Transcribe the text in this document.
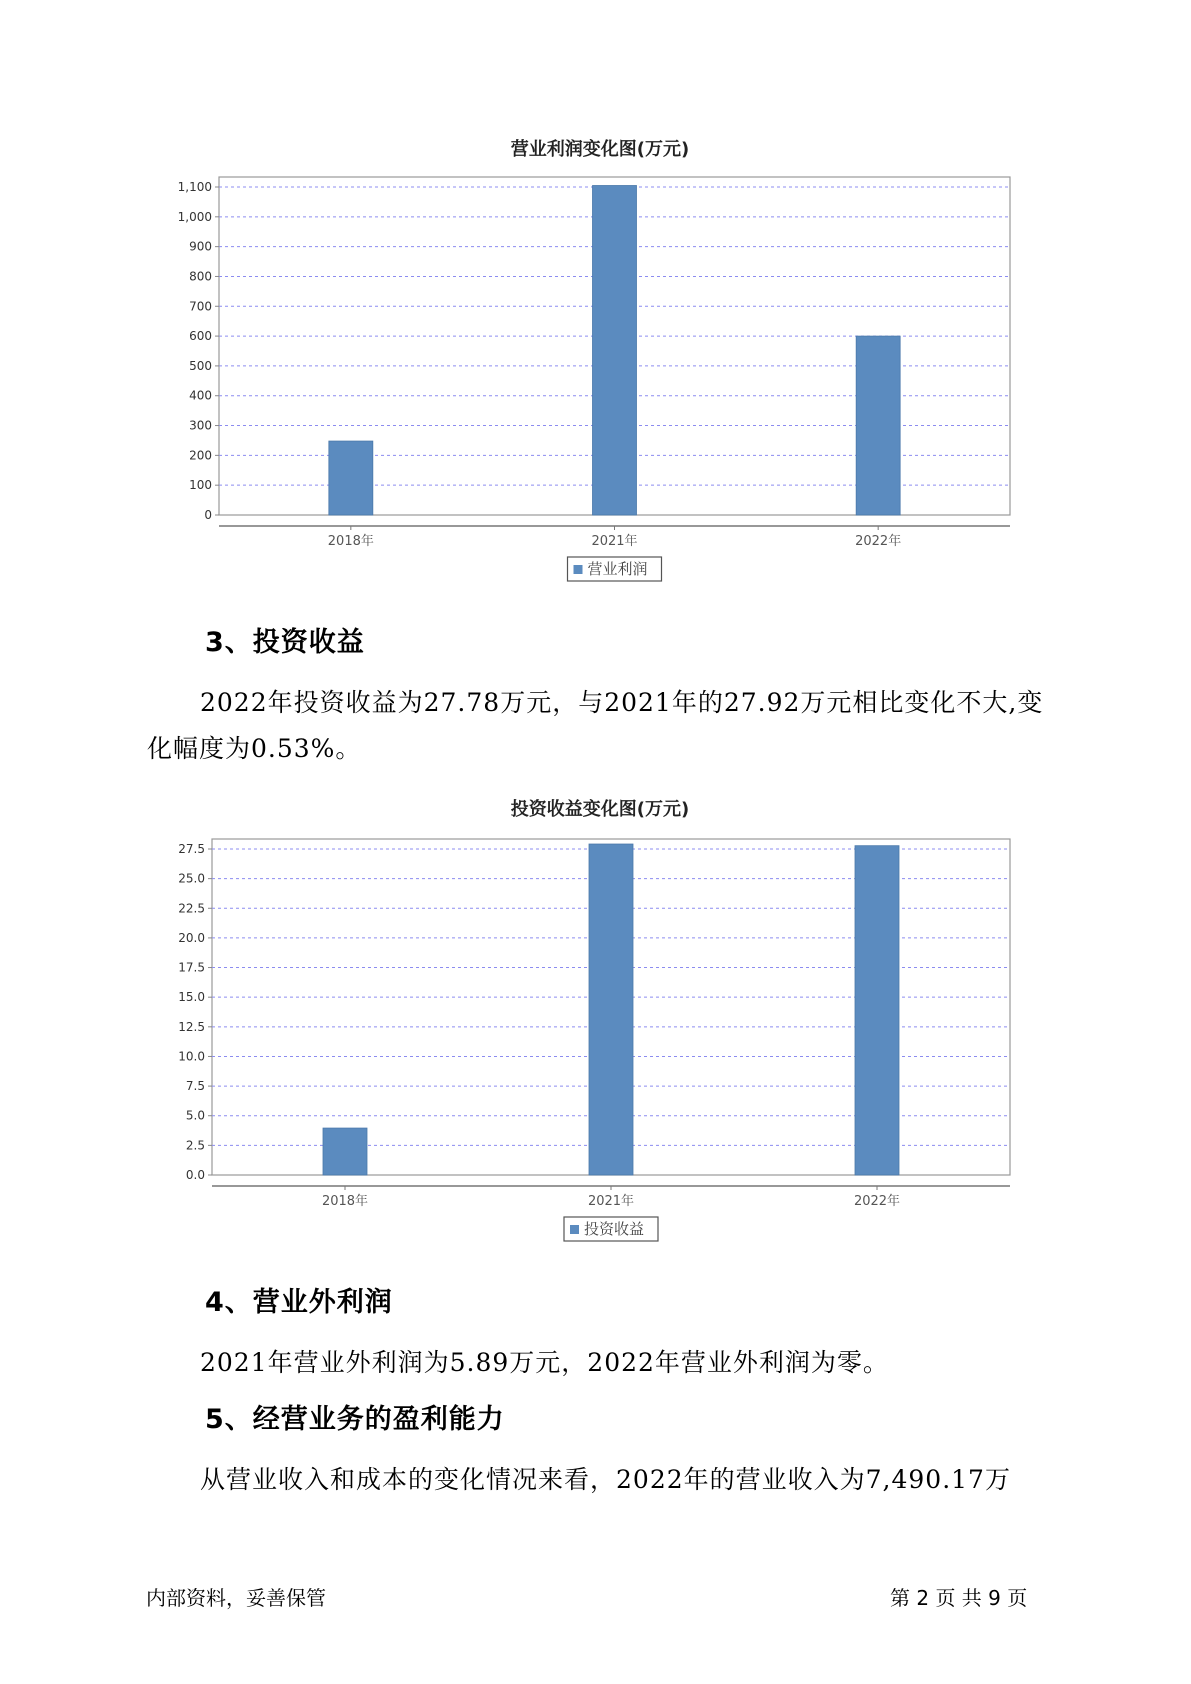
营业利润变化图(万元)
0
100
200
300
400
500
600
700
800
900
1,000
1,100
2018年	2021年	2022年
营业利润
3、投资收益
2022年投资收益为27.78万元，与2021年的27.92万元相比变化不大,变
化幅度为0.53%。
投资收益变化图(万元)
0.0
2.5
5.0
7.5
10.0
12.5
15.0
17.5
20.0
22.5
25.0
27.5
2018年	2021年	2022年
投资收益
4、营业外利润
2021年营业外利润为5.89万元，2022年营业外利润为零。
5、经营业务的盈利能力
从营业收入和成本的变化情况来看，2022年的营业收入为7,490.17万
内部资料，妥善保管	第 2 页 共 9 页
